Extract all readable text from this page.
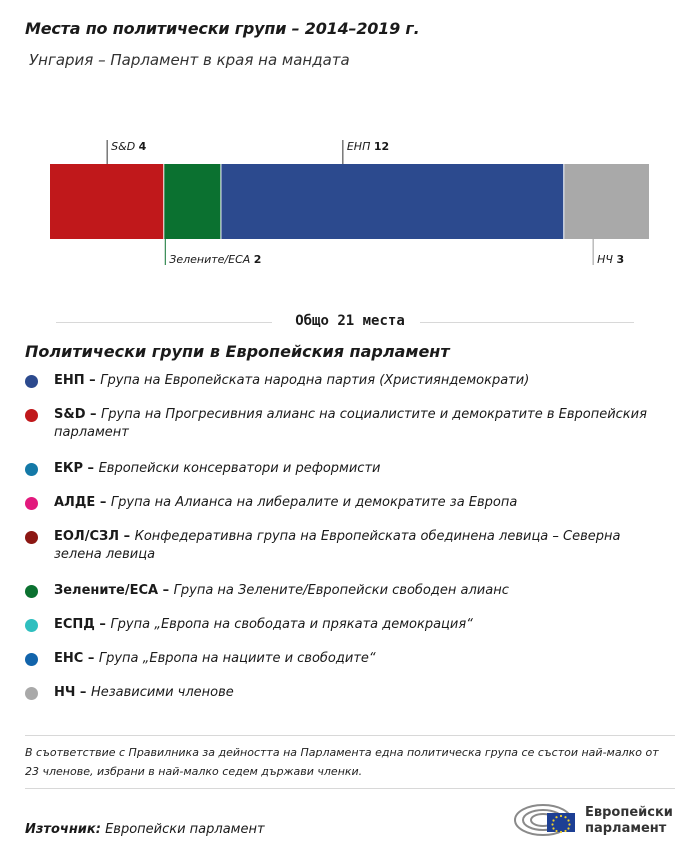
Места по политически групи – 2014–2019 г.
Унгария – Парламент в края на мандата
S&D 4
Зелените/ЕСА 2
ЕНП 12
НЧ 3
Общо 21 места
Политически групи в Европейския парламент
ЕНП – Група на Европейската народна партия (Християндемократи)
S&D – Група на Прогресивния алианс на социалистите и демократите в Европейския парламент
ЕКР – Европейски консерватори и реформисти
АЛДЕ – Група на Алианса на либералите и демократите за Европа
ЕОЛ/СЗЛ – Конфедеративна група на Европейската обединена левица – Северна зелена левица
Зелените/ЕСА – Група на Зелените/Европейски свободен алианс
ЕСПД – Група „Европа на свободата и пряката демокрация“
ЕНС – Група „Европа на нациите и свободите“
НЧ – Независими членове
В съответствие с Правилника за дейността на Парламента една политическа група се състои най-малко от 23 членове, избрани в най-малко седем държави членки.
Източник: Европейски парламент
Европейски
парламент
